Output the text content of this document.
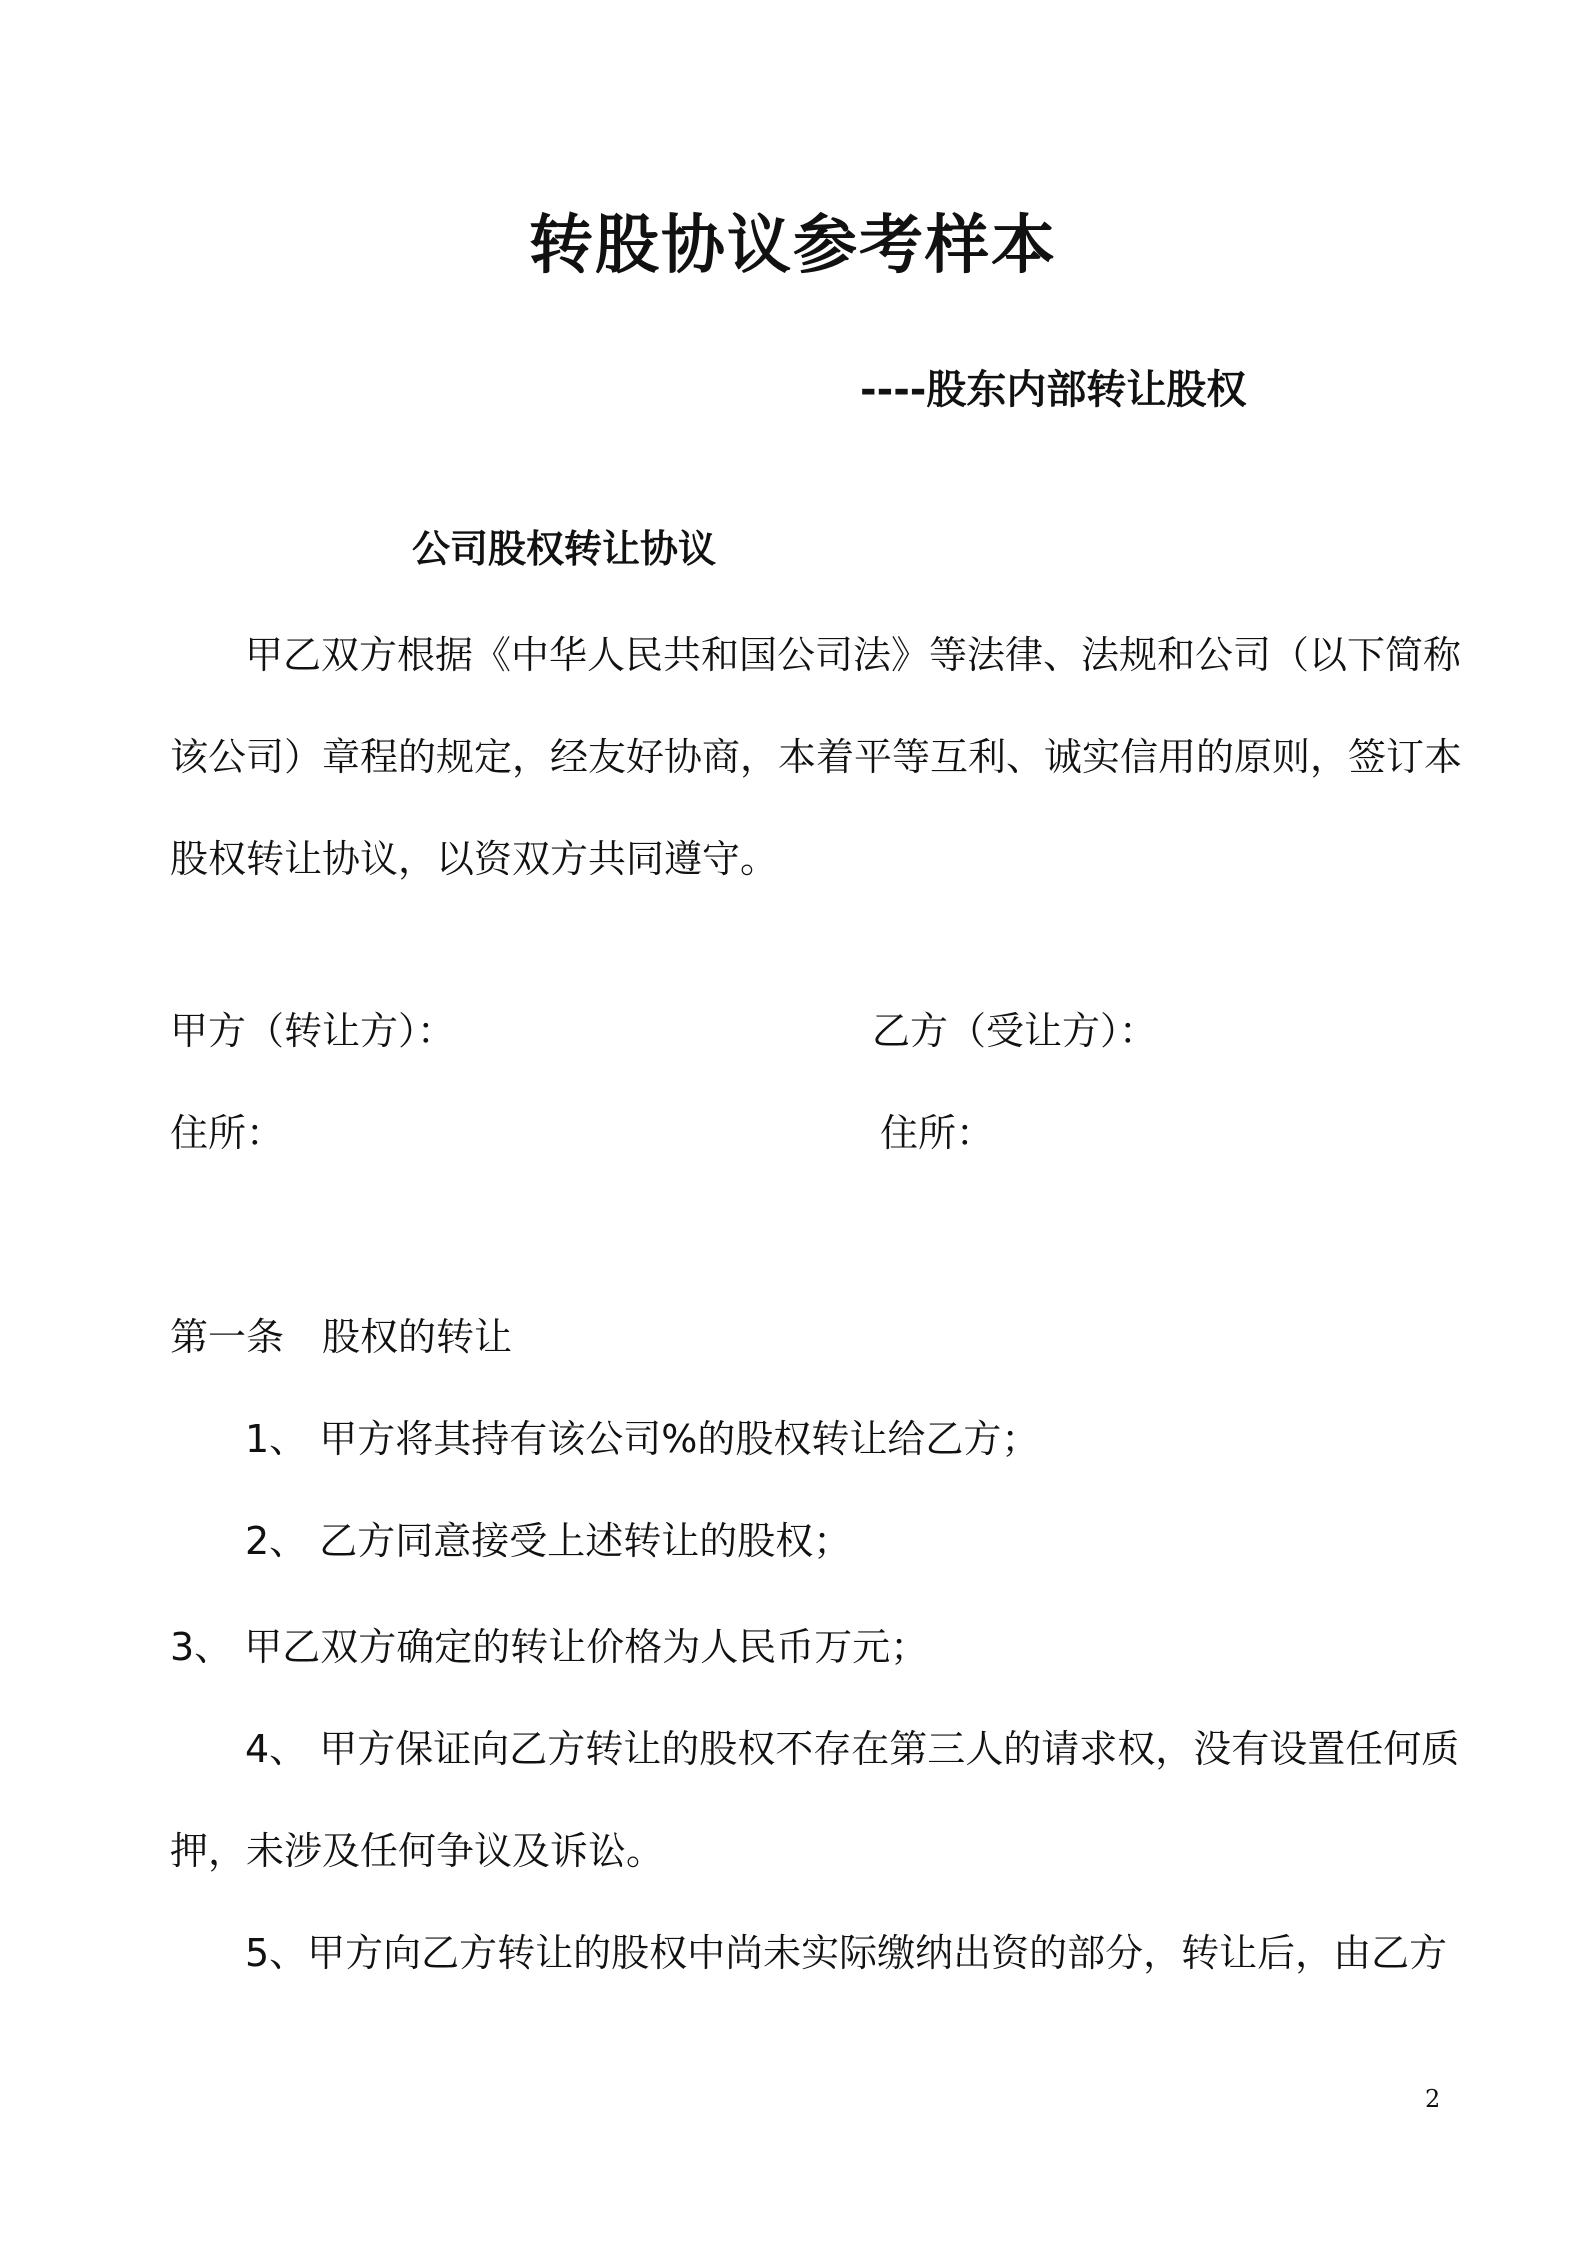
转股协议参考样本
----股东内部转让股权
公司股权转让协议
甲乙双方根据《中华人民共和国公司法》等法律、法规和公司（以下简称
该公司）章程的规定，经友好协商，本着平等互利、诚实信用的原则，签订本
股权转让协议，以资双方共同遵守。
甲方（转让方）：	乙方（受让方）：
住所：	住所：
第一条　股权的转让
1、 甲方将其持有该公司%的股权转让给乙方；
2、 乙方同意接受上述转让的股权；
3、 甲乙双方确定的转让价格为人民币万元；
4、 甲方保证向乙方转让的股权不存在第三人的请求权，没有设置任何质
押，未涉及任何争议及诉讼。
5、甲方向乙方转让的股权中尚未实际缴纳出资的部分，转让后，由乙方
2
